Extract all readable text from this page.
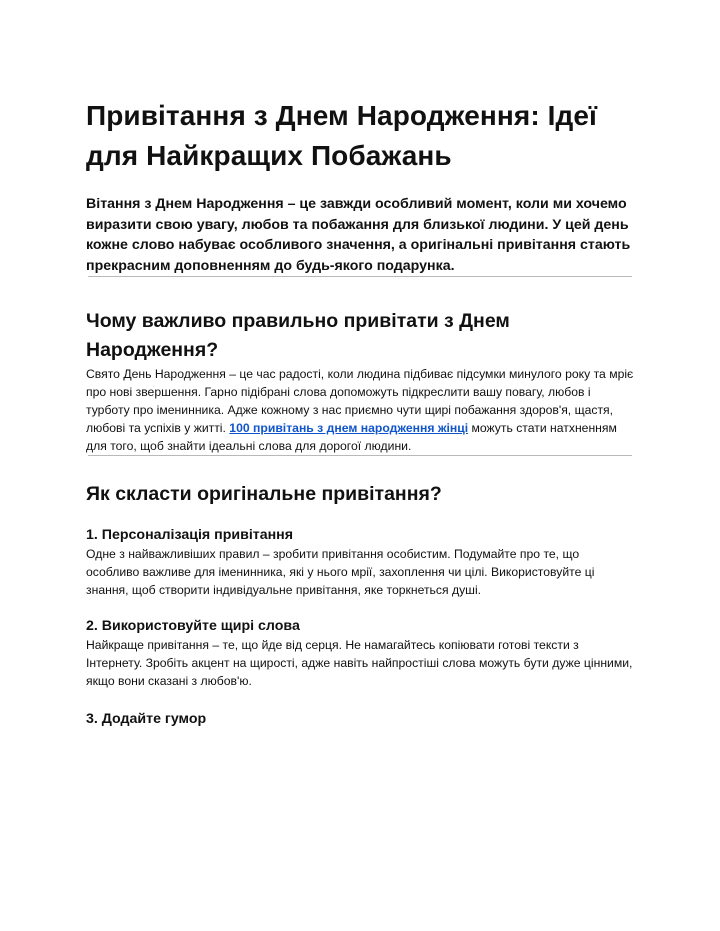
Привітання з Днем Народження: Ідеї для Найкращих Побажань

Вітання з Днем Народження – це завжди особливий момент, коли ми хочемо виразити свою увагу, любов та побажання для близької людини. У цей день кожне слово набуває особливого значення, а оригінальні привітання стають прекрасним доповненням до будь-якого подарунка.

Чому важливо правильно привітати з Днем Народження?

Свято День Народження – це час радості, коли людина підбиває підсумки минулого року та мріє про нові звершення. Гарно підібрані слова допоможуть підкреслити вашу повагу, любов і турботу про іменинника. Адже кожному з нас приємно чути щирі побажання здоров'я, щастя, любові та успіхів у житті. 100 привітань з днем народження жінці можуть стати натхненням для того, щоб знайти ідеальні слова для дорогої людини.

Як скласти оригінальне привітання?
1. Персоналізація привітання

Одне з найважливіших правил – зробити привітання особистим. Подумайте про те, що особливо важливе для іменинника, які у нього мрії, захоплення чи цілі. Використовуйте ці знання, щоб створити індивідуальне привітання, яке торкнеться душі.

2. Використовуйте щирі слова

Найкраще привітання – те, що йде від серця. Не намагайтесь копіювати готові тексти з Інтернету. Зробіть акцент на щирості, адже навіть найпростіші слова можуть бути дуже цінними, якщо вони сказані з любов'ю.

3. Додайте гумор
